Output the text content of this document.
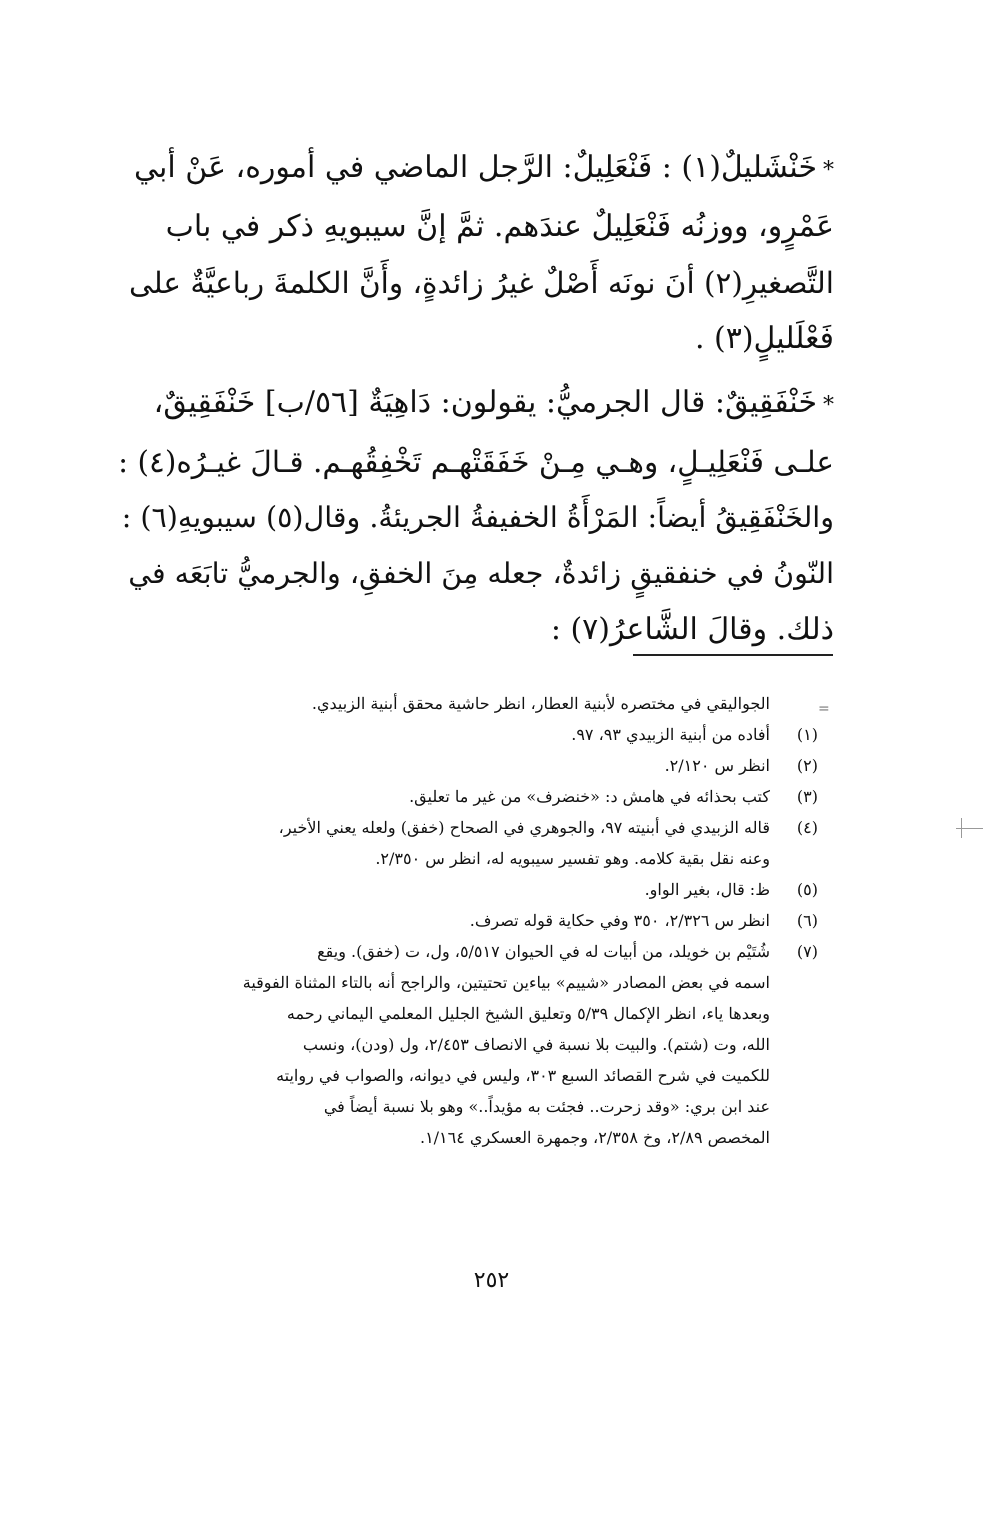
*خَنْشَليلٌ(١) : فَنْعَلِيلٌ: الرَّجل الماضي في أموره، عَنْ أبي
عَمْرٍو، ووزنُه فَنْعَلِيلٌ عندَهم. ثمَّ إنَّ سيبويهِ ذكر في باب
التَّصغيرِ(٢) أنَ نونَه أَصْلٌ غيرُ زائدةٍ، وأَنَّ الكلمةَ رباعيَّةٌ على
فَعْلَليلٍ(٣) .

*خَنْفَقِيقٌ: قال الجرميُّ: يقولون: دَاهِيَةٌ [٥٦/ب] خَنْفَقِيقٌ،
علـى فَنْعَلِيـلٍ، وهـي مِـنْ خَفَقَتْهـم تَخْفِقُهـم. قـالَ غيـرُه(٤) :
والخَنْفَقِيقُ أيضاً: المَرْأَةُ الخفيفةُ الجريئةُ. وقال(٥) سيبويهِ(٦) :
النّونُ في خنفقيقٍ زائدةٌ، جعله مِنَ الخفقِ، والجرميُّ تابَعَه في
ذلك. وقالَ الشَّاعرُ(٧) :

=
الجواليقي في مختصره لأبنية العطار، انظر حاشية محقق أبنية الزبيدي.
(١)
أفاده من أبنية الزبيدي ٩٣، ٩٧.
(٢)
انظر س ٢/١٢٠.
(٣)
كتب بحذائه في هامش د: «خنضرف» من غير ما تعليق.
(٤)
قاله الزبيدي في أبنيته ٩٧، والجوهري في الصحاح (خفق) ولعله يعني الأخير،
وعنه نقل بقية كلامه. وهو تفسير سيبويه له، انظر س ٢/٣٥٠.
(٥)
ظ: قال، بغير الواو.
(٦)
انظر س ٢/٣٢٦، ٣٥٠ وفي حكاية قوله تصرف.
(٧)
شُتَيْم بن خويلد، من أبيات له في الحيوان ٥/٥١٧، ول، ت (خفق). ويقع
اسمه في بعض المصادر «شييم» بياءين تحتيتين، والراجح أنه بالتاء المثناة الفوقية
وبعدها ياء، انظر الإكمال ٥/٣٩ وتعليق الشيخ الجليل المعلمي اليماني رحمه
الله، وت (شتم). والبيت بلا نسبة في الانصاف ٢/٤٥٣، ول (ودن)، ونسب
للكميت في شرح القصائد السبع ٣٠٣، وليس في ديوانه، والصواب في روايته
عند ابن بري: «وقد زحرت.. فجئت به مؤيداً..» وهو بلا نسبة أيضاً في
المخصص ٢/٨٩، وخ ٢/٣٥٨، وجمهرة العسكري ١/١٦٤.
٢٥٢
